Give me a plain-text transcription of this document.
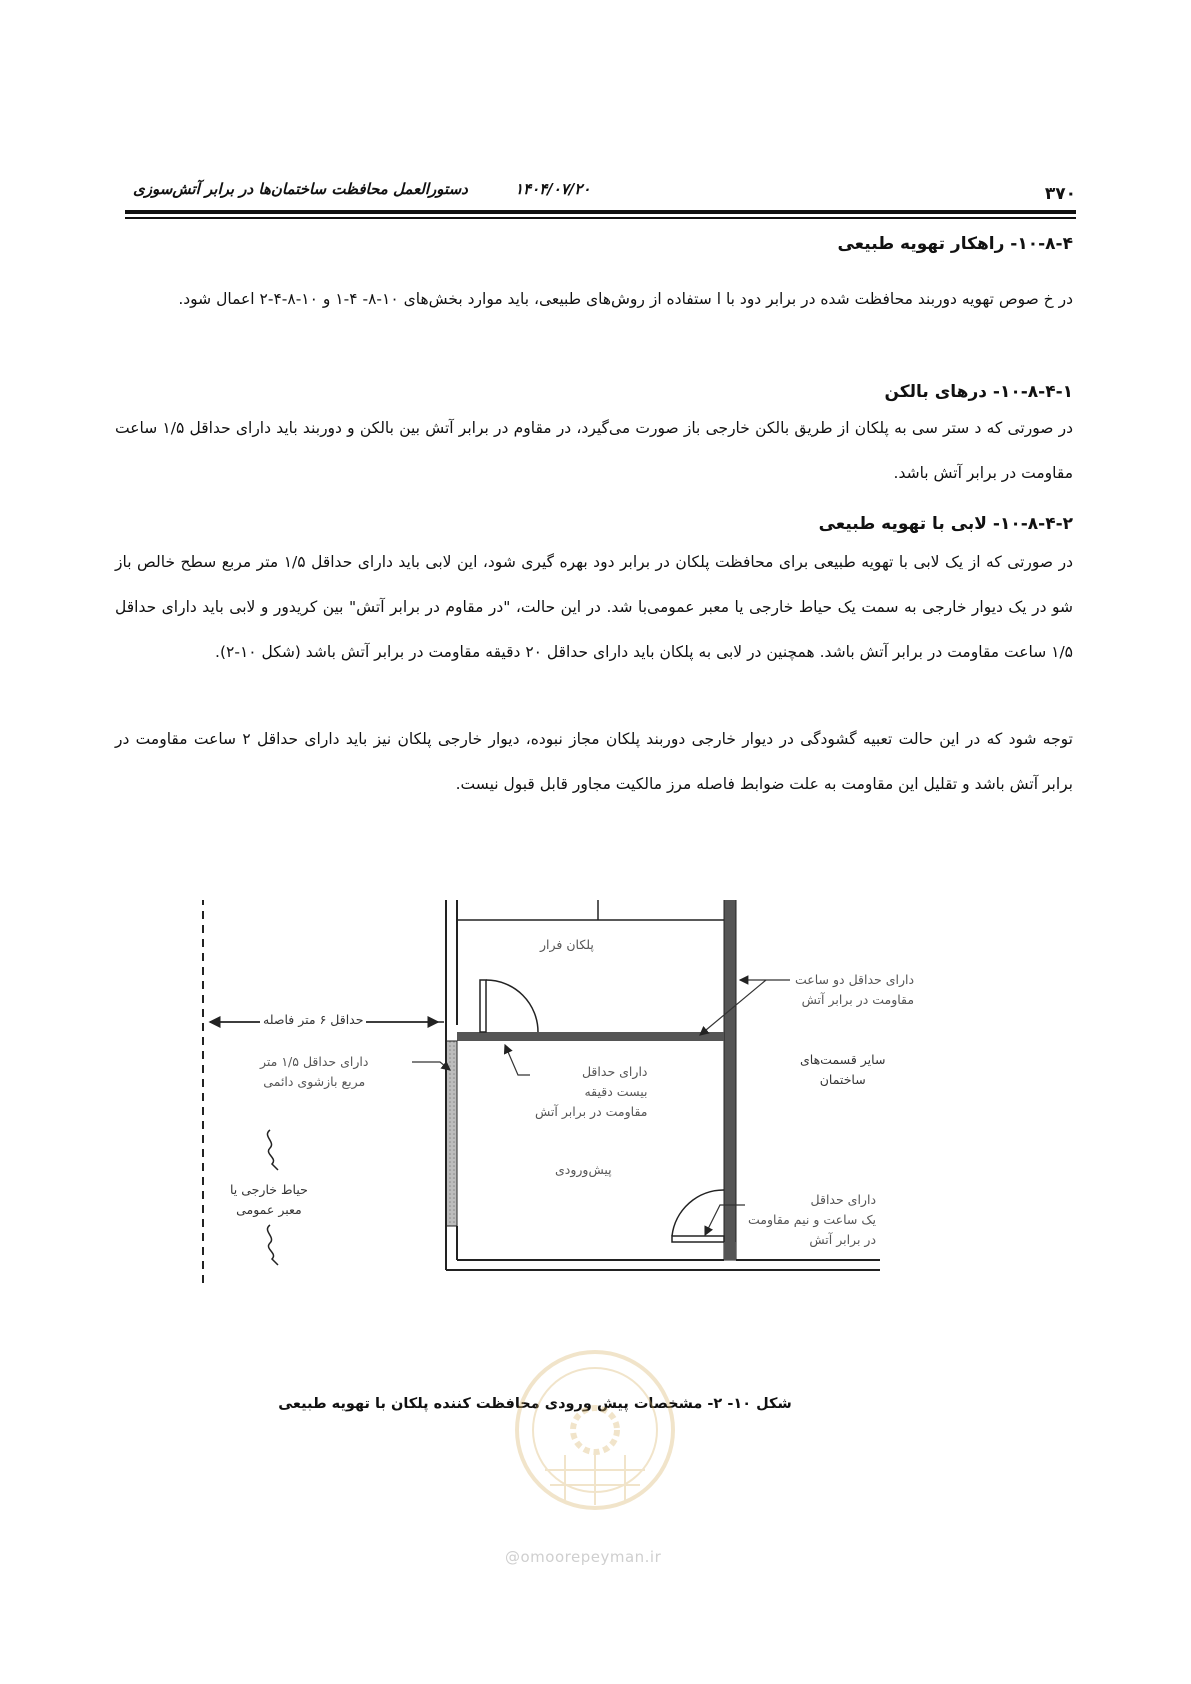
۳۷۰
۱۴۰۴/۰۷/۲۰
دستورالعمل محافظت ساختمان‌ها در برابر آتش‌سوزی
۱۰-۸-۴- راهکار تهویه طبیعی
در خ صوص تهویه دوربند محافظت شده در برابر دود با ا ستفاده از روش‌های طبیعی، باید موارد بخش‌های ۱۰-۸- ۴-۱ و ۱۰-۸-۴-۲ اعمال شود.
۱۰-۸-۴-۱- درهای بالکن
در صورتی که د ستر سی به پلکان از طریق بالکن خارجی باز صورت می‌گیرد، در مقاوم در برابر آتش بین بالکن و دوربند باید دارای حداقل ۱/۵ ساعت مقاومت در برابر آتش باشد.
۱۰-۸-۴-۲- لابی با تهویه طبیعی
در صورتی که از یک لابی با تهویه طبیعی برای محافظت پلکان در برابر دود بهره گیری شود، این لابی باید دارای حداقل ۱/۵ متر مربع سطح خالص باز شو در یک دیوار خارجی به سمت یک حیاط خارجی یا معبر عمومی‌با شد. در این حالت، "در مقاوم در برابر آتش" بین کریدور و لابی باید دارای حداقل ۱/۵ ساعت مقاومت در برابر آتش باشد. همچنین در لابی به پلکان باید دارای حداقل ۲۰ دقیقه مقاومت در برابر آتش باشد (شکل ۱۰-۲).
توجه شود که در این حالت تعبیه گشودگی در دیوار خارجی دوربند پلکان مجاز نبوده، دیوار خارجی پلکان نیز باید دارای حداقل ۲ ساعت مقاومت در برابر آتش باشد و تقلیل این مقاومت به علت ضوابط فاصله مرز مالکیت مجاور قابل قبول نیست.
پلکان فرار
دارای حداقل دو ساعت
مقاومت در برابر آتش
حداقل ۶ متر فاصله
دارای حداقل ۱/۵ متر
مربع بازشوی دائمی
دارای حداقل
بیست دقیقه
مقاومت در برابر آتش
سایر قسمت‌های
ساختمان
پیش‌ورودی
حیاط خارجی یا
معبر عمومی
دارای حداقل
یک ساعت و نیم مقاومت
در برابر آتش
شکل ۱۰- ۲- مشخصات پیش ورودی محافظت کننده پلکان با تهویه طبیعی
@omoorepeyman.ir
